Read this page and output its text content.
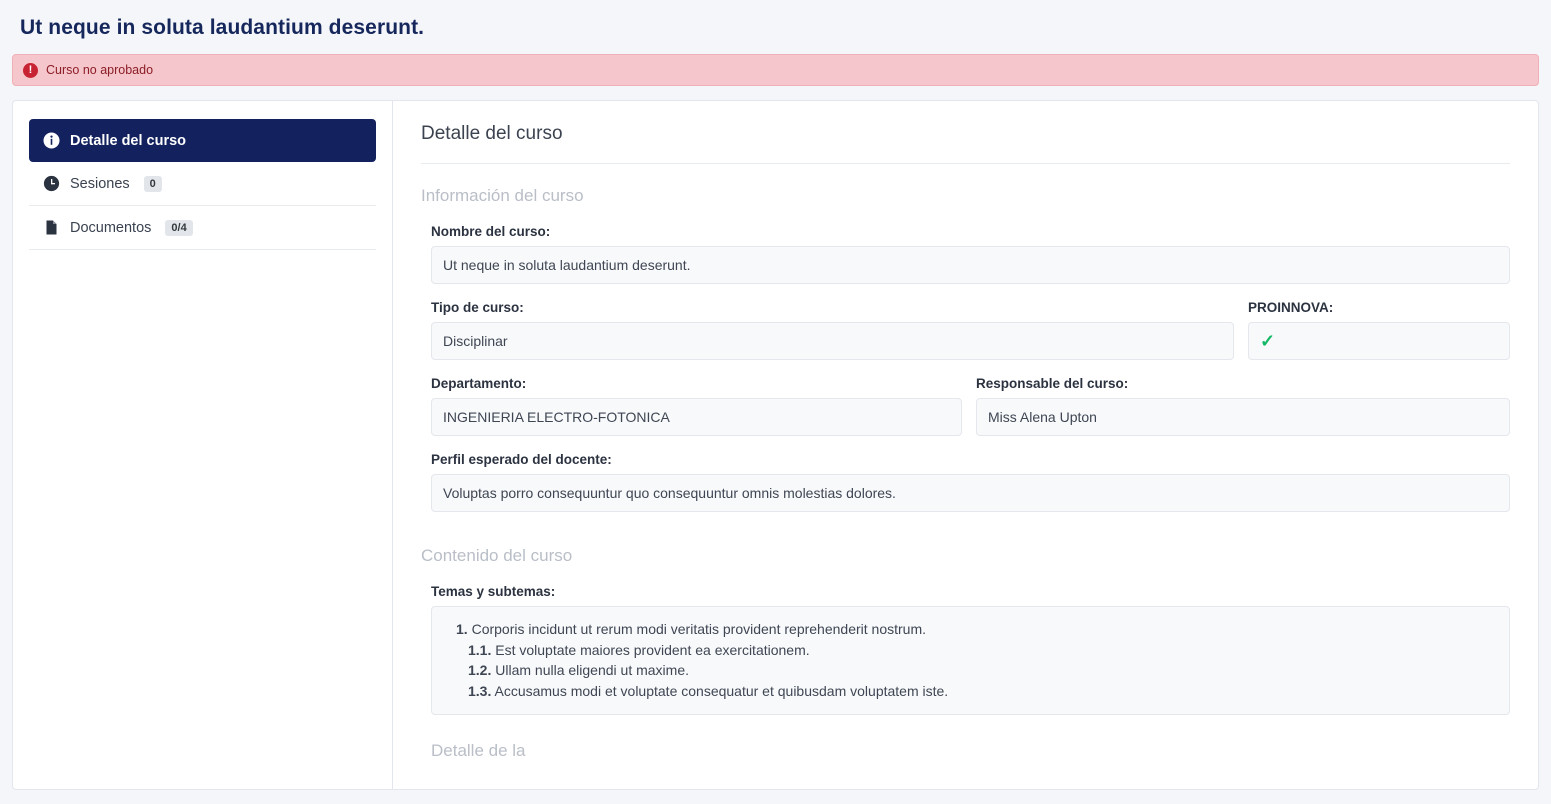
Ut neque in soluta laudantium deserunt.
!	Curso no aprobado
Detalle del curso
Sesiones	0
Documentos	0/4
Detalle del curso
Información del curso
Nombre del curso:
Ut neque in soluta laudantium deserunt.
Tipo de curso:
Disciplinar
PROINNOVA:
✓
Departamento:
INGENIERIA ELECTRO-FOTONICA
Responsable del curso:
Miss Alena Upton
Perfil esperado del docente:
Voluptas porro consequuntur quo consequuntur omnis molestias dolores.
Contenido del curso
Temas y subtemas:
1. Corporis incidunt ut rerum modi veritatis provident reprehenderit nostrum.
1.1. Est voluptate maiores provident ea exercitationem.
1.2. Ullam nulla eligendi ut maxime.
1.3. Accusamus modi et voluptate consequatur et quibusdam voluptatem iste.
Detalle de la
